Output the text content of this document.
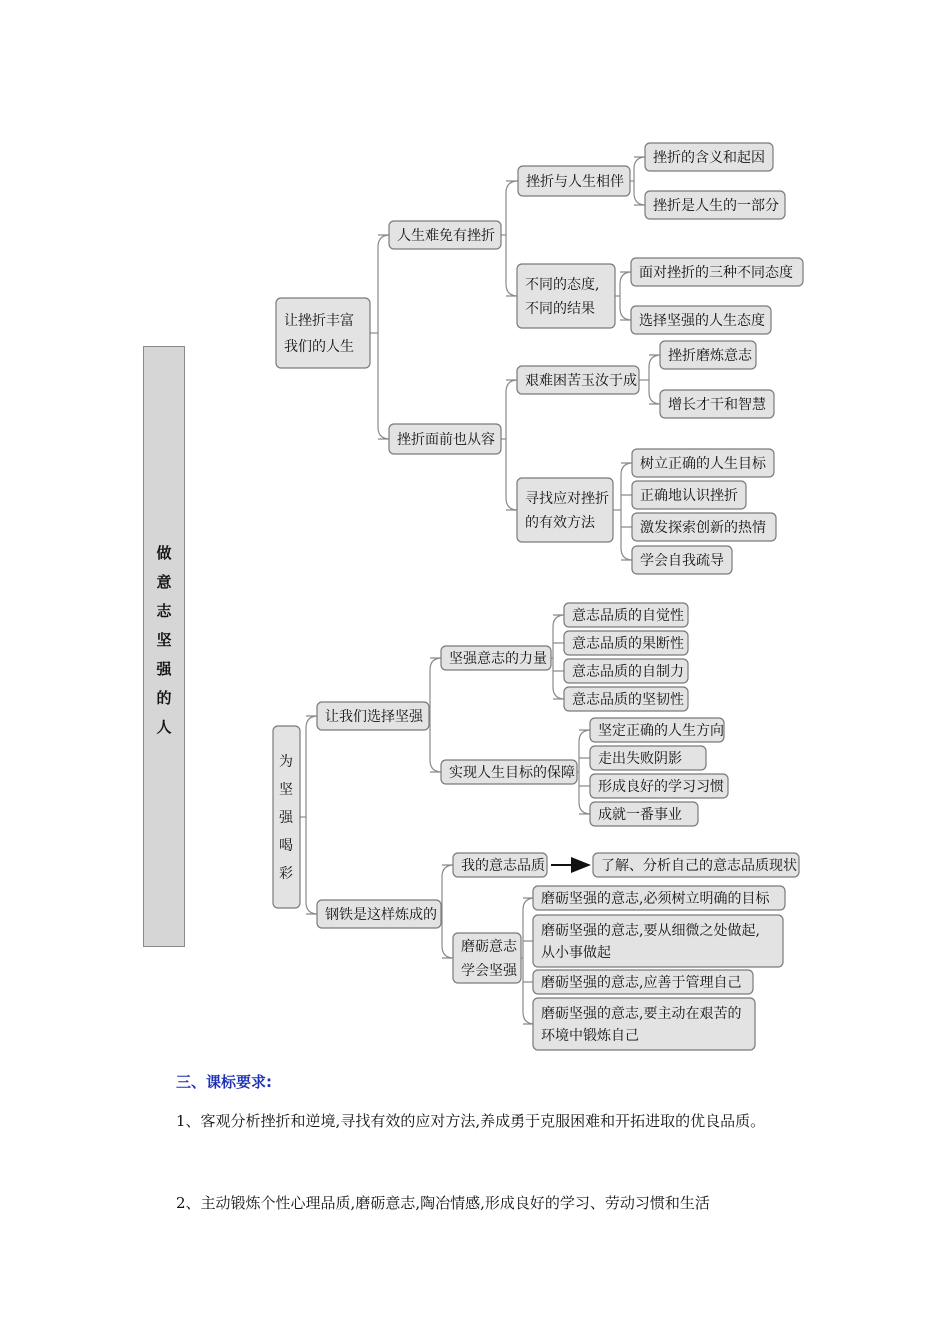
做意志坚强的人
让挫折丰富
我们的人生
人生难免有挫折
挫折面前也从容
挫折与人生相伴
不同的态度,
不同的结果
挫折的含义和起因
挫折是人生的一部分
面对挫折的三种不同态度
选择坚强的人生态度
艰难困苦玉汝于成
寻找应对挫折
的有效方法
挫折磨炼意志
增长才干和智慧
树立正确的人生目标
正确地认识挫折
激发探索创新的热情
学会自我疏导
为
坚
强
喝
彩
让我们选择坚强
钢铁是这样炼成的
坚强意志的力量
实现人生目标的保障
意志品质的自觉性
意志品质的果断性
意志品质的自制力
意志品质的坚韧性
坚定正确的人生方向
走出失败阴影
形成良好的学习习惯
成就一番事业
我的意志品质	了解、分析自己的意志品质现状
磨砺意志
学会坚强
磨砺坚强的意志,必须树立明确的目标
磨砺坚强的意志,要从细微之处做起,
从小事做起
磨砺坚强的意志,应善于管理自己
磨砺坚强的意志,要主动在艰苦的
环境中锻炼自己
三、课标要求:
1、客观分析挫折和逆境,寻找有效的应对方法,养成勇于克服困难和开拓进取的优良品质。
2、主动锻炼个性心理品质,磨砺意志,陶冶情感,形成良好的学习、劳动习惯和生活
